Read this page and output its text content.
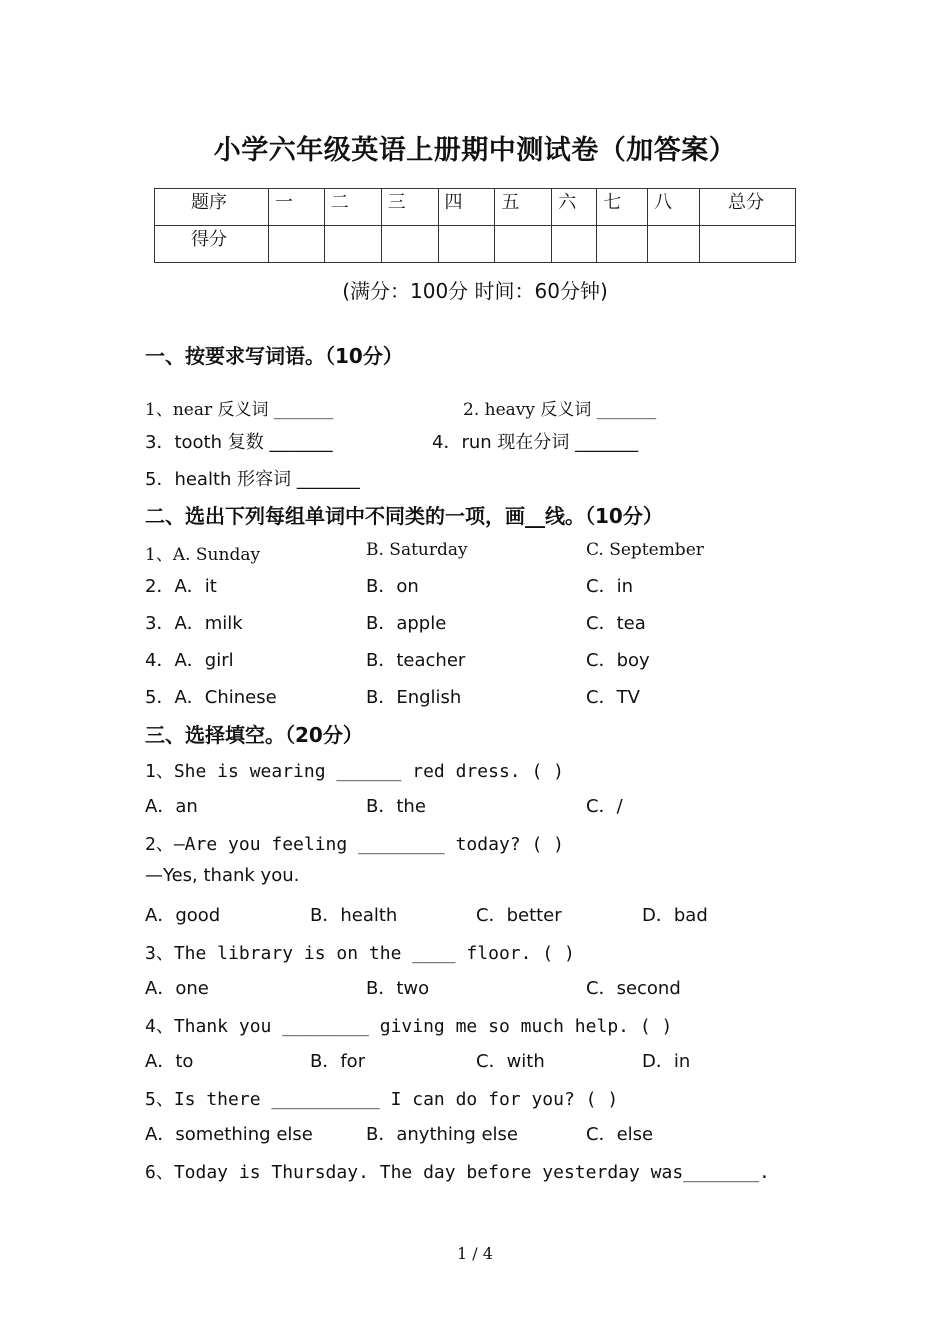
小学六年级英语上册期中测试卷（加答案）
题序	一	二	三	四	五	六	七	八	总分
得分									
(满分：100分 时间：60分钟)
一、按要求写词语。（10分）
1、near 反义词 _______	2. heavy 反义词 _______
3．tooth 复数 _______	4．run 现在分词 _______
5．health 形容词 _______
二、选出下列每组单词中不同类的一项，画__线。（10分）
1、A. Sunday	B. Saturday	C. September
2．A．it	B．on	C．in
3．A．milk	B．apple	C．tea
4．A．girl	B．teacher	C．boy
5．A．Chinese	B．English	C．TV
三、选择填空。（20分）
1、She is wearing ______ red dress. ( )
A．an	B．the	C．/
2、—Are you feeling ________ today? ( )
—Yes, thank you.
A．good	B．health	C．better	D．bad
3、The library is on the ____ floor. ( )
A．one	B．two	C．second
4、Thank you ________ giving me so much help. ( )
A．to	B．for	C．with	D．in
5、Is there __________ I can do for you? ( )
A．something else	B．anything else	C．else
6、Today is Thursday. The day before yesterday was_______.
1 / 4
